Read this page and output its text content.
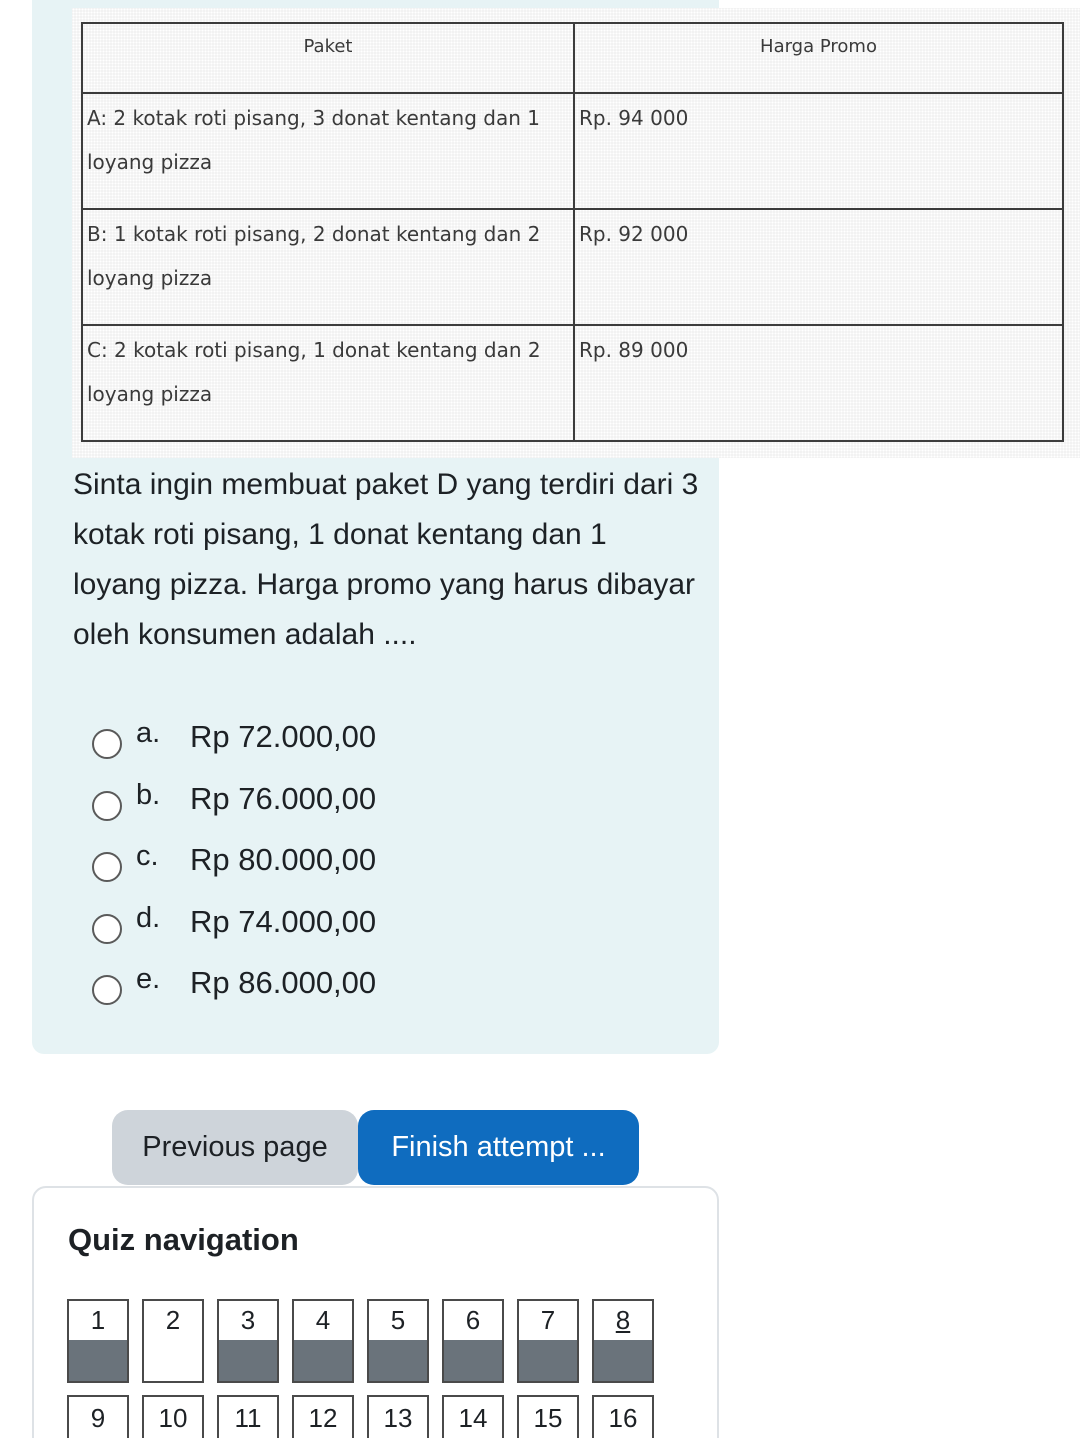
Paket	Harga Promo
A: 2 kotak roti pisang, 3 donat kentang dan 1 loyang pizza	Rp. 94 000
B: 1 kotak roti pisang, 2 donat kentang dan 2 loyang pizza	Rp. 92 000
C: 2 kotak roti pisang, 1 donat kentang dan 2 loyang pizza	Rp. 89 000

Sinta ingin membuat paket D yang terdiri dari 3 kotak roti pisang, 1 donat kentang dan 1 loyang pizza. Harga promo yang harus dibayar oleh konsumen adalah ....

a. Rp 72.000,00
b. Rp 76.000,00
c. Rp 80.000,00
d. Rp 74.000,00
e. Rp 86.000,00
Previous page	Finish attempt ...
Quiz navigation
1	2	3	4	5	6	7	8
9	10	11	12	13	14	15	16
